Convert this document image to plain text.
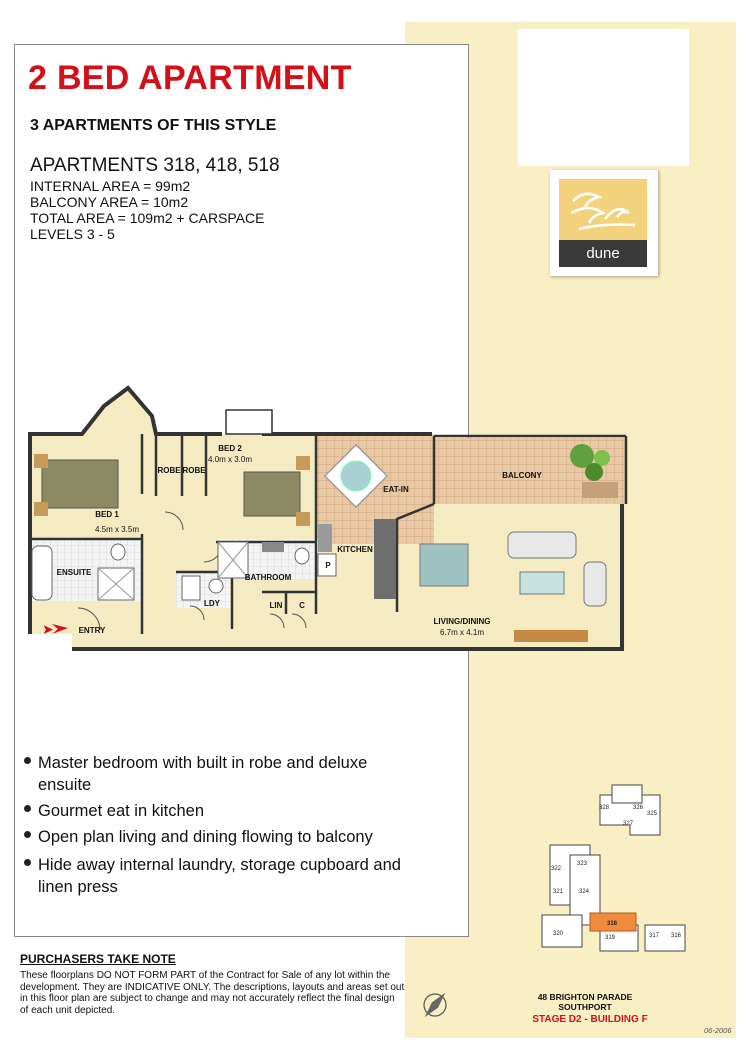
dune
2 BED APARTMENT
3 APARTMENTS OF THIS STYLE
APARTMENTS 318, 418, 518
INTERNAL AREA = 99m2
BALCONY AREA = 10m2
TOTAL AREA = 109m2 + CARSPACE
LEVELS 3 - 5
➤
BED 2
4.0m x 3.0m
BED 1
4.5m x 3.5m
ROBE ROBE
EAT-IN
BALCONY
KITCHEN
ENSUITE
BATHROOM
LDY	LIN C
P
ENTRY
LIVING/DINING
6.7m x 4.1m
Master bedroom with built in robe and deluxe ensuite
Gourmet eat in kitchen
Open plan living and dining flowing to balcony
Hide away internal laundry, storage cupboard and linen press
PURCHASERS TAKE NOTE
These floorplans DO NOT FORM PART of the Contract for Sale of any lot within the development. They are INDICATIVE ONLY. The descriptions, layouts and areas set out in this floor plan are subject to change and may not accurately reflect the final design of each unit depicted.
328
327
326
325
322
323
321	324
320
319
318
317 316
48 BRIGHTON PARADE
SOUTHPORT
STAGE D2 - BUILDING F
06-2006
